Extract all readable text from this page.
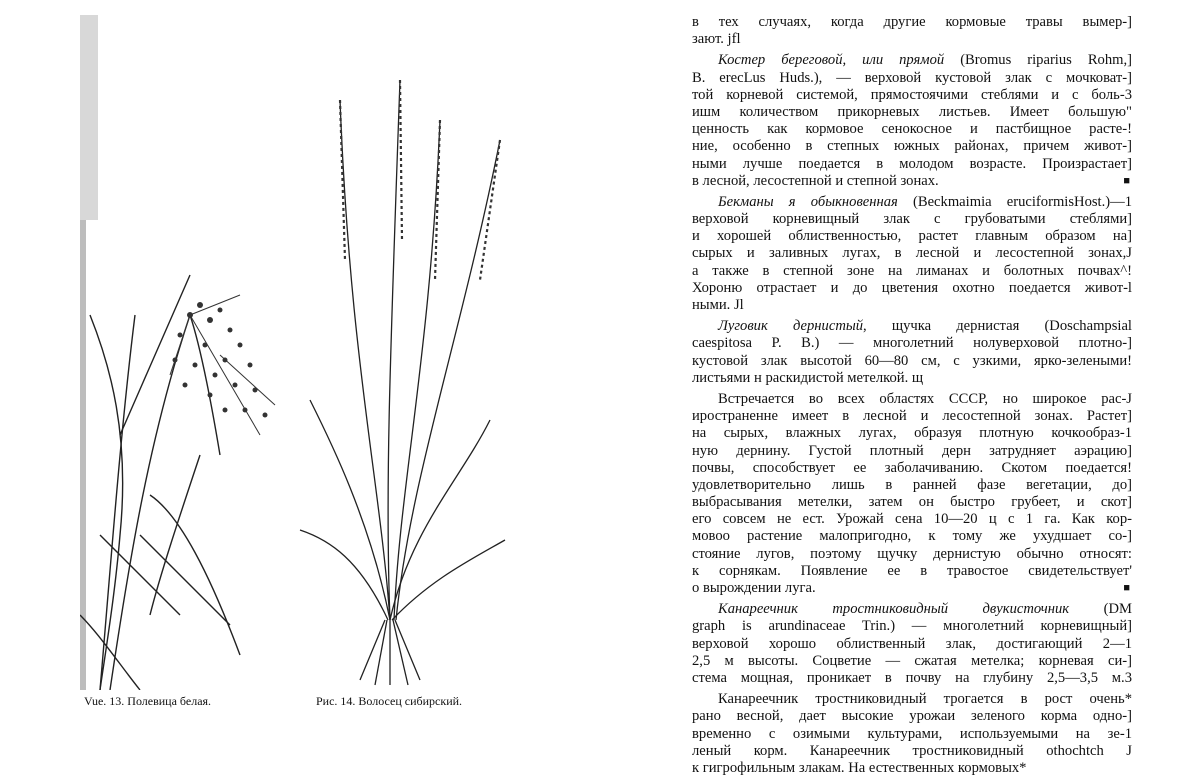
Vue. 13. Полевица белая.	Рис. 14. Волосец сибирский.
в тех случаях, когда другие кормовые травы вымер-]
зают. jfl
Костер береговой, или прямой (Bromus riparius Rohm,]
B. erecLus Huds.), — верховой кустовой злак с мочковат-]
той корневой системой, прямостоячими стеблями и с боль-3
ишм количеством прикорневых листьев. Имеет большую"
ценность как кормовое сенокосное и пастбищное расте-!
ние, особенно в степных южных районах, причем живот-]
ными лучше поедается в молодом возрасте. Произрастает]
в лесной, лесостепной и степной зонах.	■
Бекманы я обыкновенная (Beckmaimia eruciformisHost.)—1
верховой корневищный злак с грубоватыми стеблями]
и хорошей облиственностью, растет главным образом на]
сырых и заливных лугах, в лесной и лесостепной зонах,J
а также в степной зоне на лиманах и болотных почвах^!
Хороню отрастает и до цветения охотно поедается живот-l
ными. Jl
Луговик дернистый, щучка дернистая (Doschampsial
caespitosa P. B.) — многолетний нолуверховой плотно-]
кустовой злак высотой 60—80 см, с узкими, ярко-зелеными!
листьями н раскидистой метелкой. щ
Встречается во всех областях СССР, но широкое рас-J
иространенне имеет в лесной и лесостепной зонах. Растет]
на сырых, влажных лугах, образуя плотную кочкообраз-1
ную дернину. Густой плотный дерн затрудняет аэрацию]
почвы, способствует ее заболачиванию. Скотом поедается!
удовлетворительно лишь в ранней фазе вегетации, до]
выбрасывания метелки, затем он быстро грубеет, и скот]
его совсем не ест. Урожай сена 10—20 ц с 1 га. Как кор-
мовоо растение малопригодно, к тому же ухудшает со-]
стояние лугов, поэтому щучку дернистую обычно относят:
к сорнякам. Появление ее в травостое свидетельствует'
о вырождении луга.	■
Канареечник тростниковидный двукисточник (DM
graph is arundinaceae Trin.) — многолетний корневищный]
верховой хорошо облиственный злак, достигающий 2—1
2,5 м высоты. Соцветие — сжатая метелка; корневая си-]
стема мощная, проникает в почву на глубину 2,5—3,5 м.3
Канареечник тростниковидный трогается в рост очень*
рано весной, дает высокие урожаи зеленого корма одно-]
временно с озимыми культурами, используемыми на зе-1
леный корм. Канареечник тростниковидный othochtch J
к гигрофильным злакам. На естественных кормовых*
